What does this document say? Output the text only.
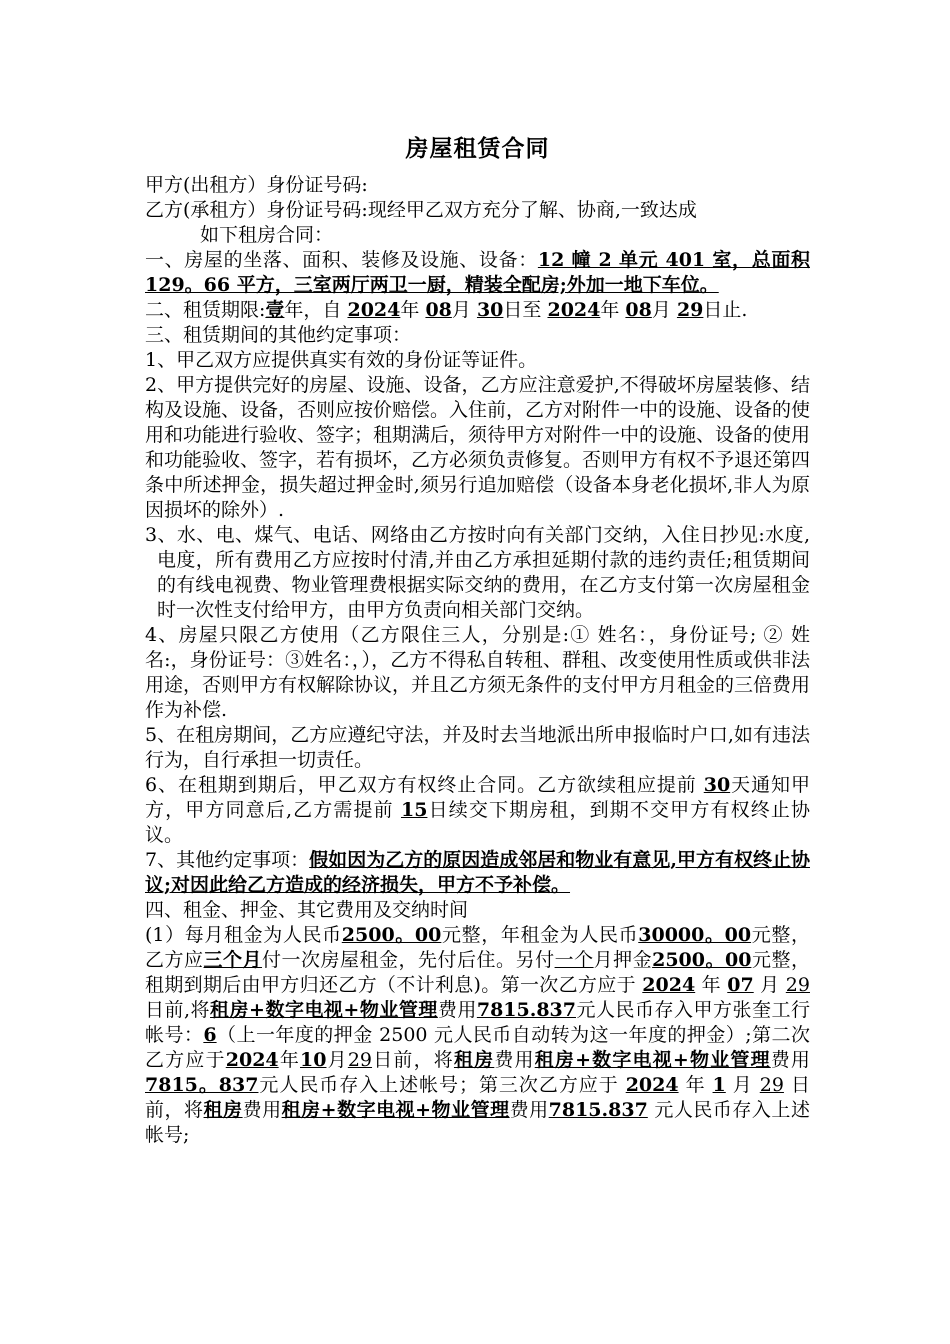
房屋租赁合同

甲方(出租方）身份证号码:

乙方(承租方）身份证号码:现经甲乙双方充分了解、协商,一致达成

如下租房合同：

一、房屋的坐落、面积、装修及设施、设备：12 幢 2 单元 401 室，总面积 129。66 平方，三室两厅两卫一厨，精装全配房;外加一地下车位。

二、租赁期限:壹年，自 2024年 08月 30日至 2024年 08月 29日止.

三、租赁期间的其他约定事项：

1、甲乙双方应提供真实有效的身份证等证件。

2、甲方提供完好的房屋、设施、设备，乙方应注意爱护,不得破坏房屋装修、结构及设施、设备，否则应按价赔偿。入住前，乙方对附件一中的设施、设备的使用和功能进行验收、签字；租期满后，须待甲方对附件一中的设施、设备的使用和功能验收、签字，若有损坏，乙方必须负责修复。否则甲方有权不予退还第四条中所述押金，损失超过押金时,须另行追加赔偿（设备本身老化损坏,非人为原因损坏的除外）.

3、水、电、煤气、电话、网络由乙方按时向有关部门交纳，入住日抄见:水度,电度，所有费用乙方应按时付清,并由乙方承担延期付款的违约责任;租赁期间的有线电视费、物业管理费根据实际交纳的费用，在乙方支付第一次房屋租金时一次性支付给甲方，由甲方负责向相关部门交纳。

4、房屋只限乙方使用（乙方限住三人，分别是:① 姓名：，身份证号; ② 姓名:，身份证号：③姓名：，），乙方不得私自转租、群租、改变使用性质或供非法用途，否则甲方有权解除协议，并且乙方须无条件的支付甲方月租金的三倍费用作为补偿.

5、在租房期间，乙方应遵纪守法，并及时去当地派出所申报临时户口,如有违法行为，自行承担一切责任。

6、在租期到期后，甲乙双方有权终止合同。乙方欲续租应提前 30天通知甲方，甲方同意后,乙方需提前 15日续交下期房租，到期不交甲方有权终止协议。

7、其他约定事项：假如因为乙方的原因造成邻居和物业有意见,甲方有权终止协议;对因此给乙方造成的经济损失，甲方不予补偿。

四、租金、押金、其它费用及交纳时间

(1）每月租金为人民币2500。00元整，年租金为人民币30000。00元整，乙方应三个月付一次房屋租金，先付后住。另付一个月押金2500。00元整，租期到期后由甲方归还乙方（不计利息)。第一次乙方应于 2024 年 07 月 29 日前,将租房+数字电视+物业管理费用7815.837元人民币存入甲方张奎工行帐号：6（上一年度的押金 2500 元人民币自动转为这一年度的押金）;第二次乙方应于2024年10月29日前，将租房费用租房+数字电视+物业管理费用7815。837元人民币存入上述帐号；第三次乙方应于 2024 年 1 月 29 日前，将租房费用租房+数字电视+物业管理费用7815.837 元人民币存入上述帐号;
